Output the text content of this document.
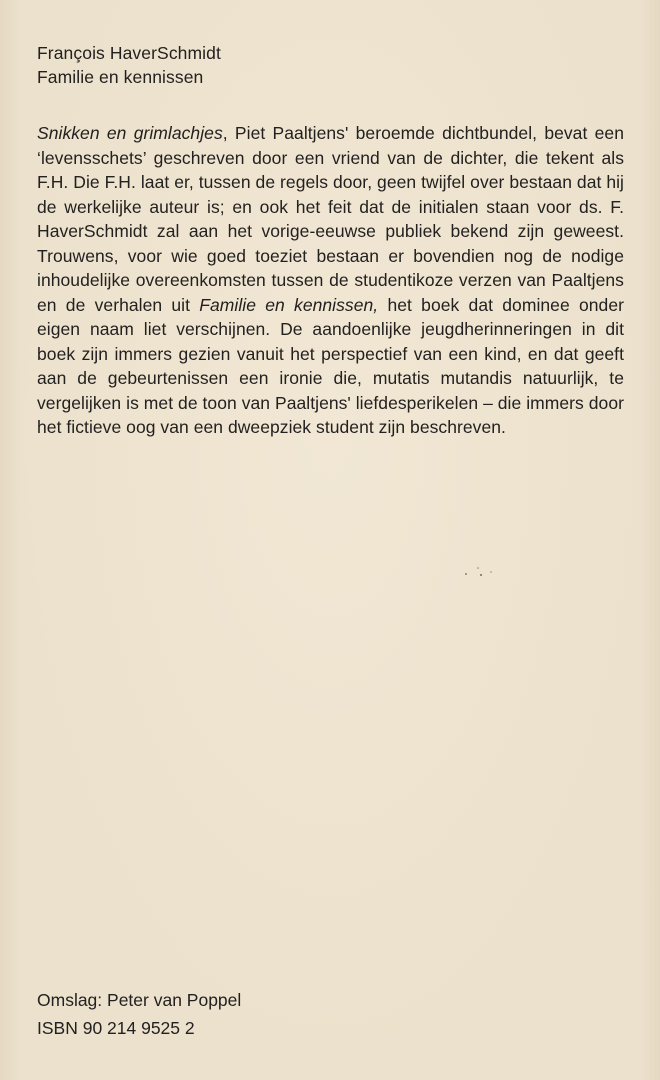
François HaverSchmidt
Familie en kennissen
Snikken en grimlachjes, Piet Paaltjens' beroemde dichtbundel, bevat een ‘levensschets’ geschreven door een vriend van de dichter, die tekent als F.H. Die F.H. laat er, tussen de regels door, geen twijfel over bestaan dat hij de werkelijke auteur is; en ook het feit dat de initialen staan voor ds. F. HaverSchmidt zal aan het vorige-eeuwse publiek bekend zijn geweest. Trouwens, voor wie goed toeziet bestaan er bovendien nog de nodige inhoudelijke overeenkomsten tussen de studentikoze verzen van Paaltjens en de verhalen uit Familie en kennissen, het boek dat dominee onder eigen naam liet verschijnen. De aandoenlijke jeugdherinneringen in dit boek zijn immers gezien vanuit het perspectief van een kind, en dat geeft aan de gebeurtenissen een ironie die, mutatis mutandis natuurlijk, te vergelijken is met de toon van Paaltjens' liefdesperikelen – die immers door het fictieve oog van een dweepziek student zijn beschreven.
Omslag: Peter van Poppel
ISBN 90 214 9525 2
